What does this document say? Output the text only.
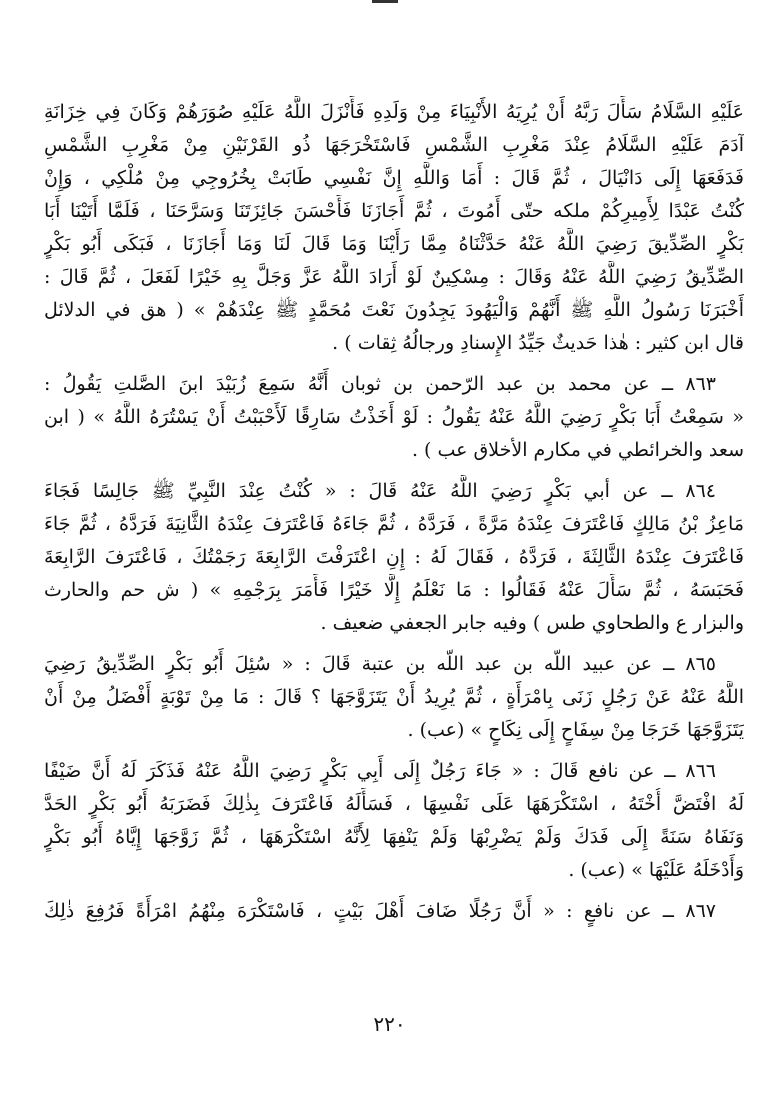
عَلَيْهِ السَّلَامُ سَأَلَ رَبَّهُ أَنْ يُرِيَهُ الأَنْبِيَاءَ مِنْ وَلَدِهِ فَأَنْزَلَ اللَّهُ عَلَيْهِ صُوَرَهُمْ وَكَانَ فِي خِزَانَةِ
آدَمَ عَلَيْهِ السَّلَامُ عِنْدَ مَغْرِبِ الشَّمْسِ فَاسْتَخْرَجَهَا ذُو القَرْنَيْنِ مِنْ مَغْرِبِ الشَّمْسِ
فَدَفَعَهَا إِلَى دَانْيَالَ ، ثُمَّ قَالَ : أَمَا وَاللَّهِ إِنَّ نَفْسِي طَابَتْ بِخُرُوجِي مِنْ مُلْكِي ، وَإِنْ
كُنْتُ عَبْدًا لِأَمِيرِكُمْ ملكه حتّى أَمُوتَ ، ثُمَّ أَجَازَنَا فَأَحْسَنَ جَائِزَتَنَا وَسَرَّحَنَا ، فَلَمَّا أَتَيْنَا أَبَا
بَكْرٍ الصِّدِّيقَ رَضِيَ اللَّهُ عَنْهُ حَدَّثْنَاهُ مِمَّا رَأَيْنَا وَمَا قَالَ لَنَا وَمَا أَجَازَنَا ، فَبَكَى أَبُو بَكْرٍ
الصِّدِّيقُ رَضِيَ اللَّهُ عَنْهُ وَقَالَ : مِسْكِينٌ لَوْ أَرَادَ اللَّهُ عَزَّ وَجَلَّ بِهِ خَيْرًا لَفَعَلَ ، ثُمَّ قَالَ :
أَخْبَرَنَا رَسُولُ اللَّهِ ﷺ أَنَّهُمْ وَالْيَهُودَ يَجِدُونَ نَعْتَ مُحَمَّدٍ ﷺ عِنْدَهُمْ » ( هق في الدلائل
قال ابن كثير : هٰذا حَديثٌ جَيِّدُ الإِسنادِ ورجالُهُ ثِقات ) .
٨٦٣ ــ عن محمد بن عبد الرّحمن بن ثوبان أَنَّهُ سَمِعَ زُبَيْدَ ابنَ الصَّلتِ يَقُولُ :
« سَمِعْتُ أَبَا بَكْرٍ رَضِيَ اللَّهُ عَنْهُ يَقُولُ : لَوْ أَخَذْتُ سَارِقًا لَأَحْبَبْتُ أَنْ يَسْتُرَهُ اللَّهُ » ( ابن
سعد والخرائطي في مكارم الأخلاق عب ) .
٨٦٤ ــ عن أبي بَكْرٍ رَضِيَ اللَّهُ عَنْهُ قَالَ : « كُنْتُ عِنْدَ النَّبِيِّ ﷺ جَالِسًا فَجَاءَ
مَاعِزُ بْنُ مَالِكٍ فَاعْتَرَفَ عِنْدَهُ مَرَّةً ، فَرَدَّهُ ، ثُمَّ جَاءَهُ فَاعْتَرَفَ عِنْدَهُ الثَّانِيَةَ فَرَدَّهُ ، ثُمَّ جَاءَ
فَاعْتَرَفَ عِنْدَهُ الثَّالِثَةَ ، فَرَدَّهُ ، فَقَالَ لَهُ : إِنِ اعْتَرَفْتَ الرَّابِعَةَ رَجَمْتُكَ ، فَاعْتَرَفَ الرَّابِعَةَ
فَحَبَسَهُ ، ثُمَّ سَأَلَ عَنْهُ فَقَالُوا : مَا نَعْلَمُ إِلَّا خَيْرًا فَأَمَرَ بِرَجْمِهِ » ( ش حم والحارث
والبزار ع والطحاوي طس ) وفيه جابر الجعفي ضعيف .
٨٦٥ ــ عن عبيد اللّه بن عبد اللّه بن عتبة قَالَ : « سُئِلَ أَبُو بَكْرٍ الصِّدِّيقُ رَضِيَ
اللَّهُ عَنْهُ عَنْ رَجُلٍ زَنَى بِامْرَأَةٍ ، ثُمَّ يُرِيدُ أَنْ يَتَزَوَّجَهَا ؟ قَالَ : مَا مِنْ تَوْبَةٍ أَفْضَلُ مِنْ أَنْ
يَتَزَوَّجَهَا خَرَجَا مِنْ سِفَاحٍ إِلَى نِكَاحٍ » (عب) .
٨٦٦ ــ عن نافع قَالَ : « جَاءَ رَجُلٌ إِلَى أَبِي بَكْرٍ رَضِيَ اللَّهُ عَنْهُ فَذَكَرَ لَهُ أَنَّ ضَيْفًا
لَهُ افْتَضَّ أُخْتَهُ ، اسْتَكْرَهَهَا عَلَى نَفْسِهَا ، فَسَأَلَهُ فَاعْتَرَفَ بِذٰلِكَ فَضَرَبَهُ أَبُو بَكْرٍ الحَدَّ
وَنَفَاهُ سَنَةً إِلَى فَدَكَ وَلَمْ يَضْرِبْهَا وَلَمْ يَنْفِهَا لِأَنَّهُ اسْتَكْرَهَهَا ، ثُمَّ زَوَّجَهَا إِيَّاهُ أَبُو بَكْرٍ
وَأَدْخَلَهُ عَلَيْهَا » (عب) .
٨٦٧ ــ عن نافعٍ : « أَنَّ رَجُلًا ضَافَ أَهْلَ بَيْتٍ ، فَاسْتَكْرَهَ مِنْهُمُ امْرَأَةً فَرُفِعَ ذٰلِكَ
٢٢٠
